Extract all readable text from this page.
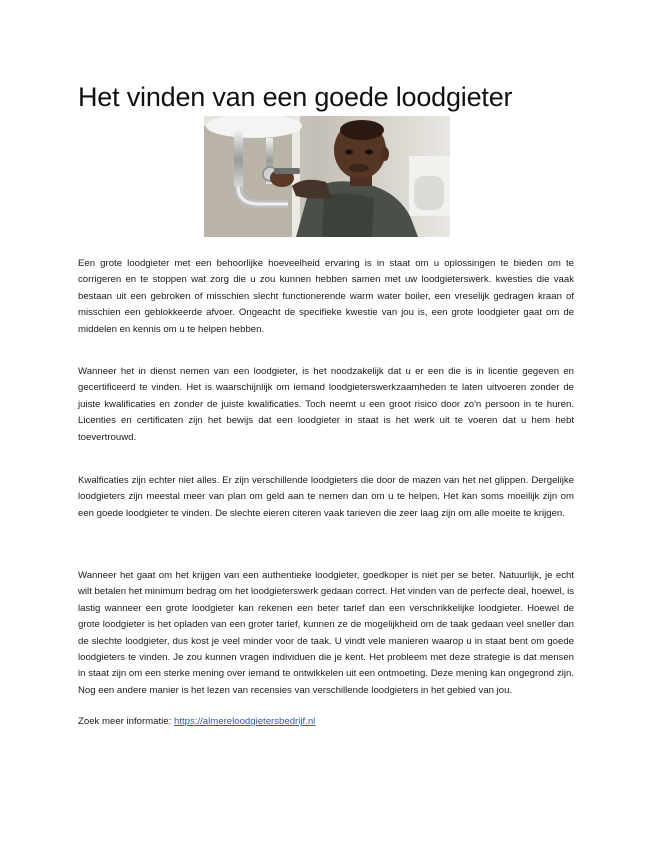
Het vinden van een goede loodgieter

Een grote loodgieter met een behoorlijke hoeveelheid ervaring is in staat om u oplossingen te bieden om te corrigeren en te stoppen wat zorg die u zou kunnen hebben samen met uw loodgieterswerk. kwesties die vaak bestaan uit een gebroken of misschien slecht functionerende warm water boiler, een vreselijk gedragen kraan of misschien een geblokkeerde afvoer. Ongeacht de specifieke kwestie van jou is, een grote loodgieter gaat om de middelen en kennis om u te helpen hebben.

Wanneer het in dienst nemen van een loodgieter, is het noodzakelijk dat u er een die is in licentie gegeven en gecertificeerd te vinden. Het is waarschijnlijk om iemand loodgieterswerkzaamheden te laten uitvoeren zonder de juiste kwalificaties en zonder de juiste kwalificaties. Toch neemt u een groot risico door zo'n persoon in te huren. Licenties en certificaten zijn het bewijs dat een loodgieter in staat is het werk uit te voeren dat u hem hebt toevertrouwd.

Kwalficaties zijn echter niet alles. Er zijn verschillende loodgieters die door de mazen van het net glippen. Dergelijke loodgieters zijn meestal meer van plan om geld aan te nemen dan om u te helpen. Het kan soms moeilijk zijn om een goede loodgieter te vinden. De slechte eieren citeren vaak tarieven die zeer laag zijn om alle moeite te krijgen.

Wanneer het gaat om het krijgen van een authentieke loodgieter, goedkoper is niet per se beter. Natuurlijk, je echt wilt betalen het minimum bedrag om het loodgieterswerk gedaan correct. Het vinden van de perfecte deal, hoewel, is lastig wanneer een grote loodgieter kan rekenen een beter tarief dan een verschrikkelijke loodgieter. Hoewel de grote loodgieter is het opladen van een groter tarief, kunnen ze de mogelijkheid om de taak gedaan veel sneller dan de slechte loodgieter, dus kost je veel minder voor de taak. U vindt vele manieren waarop u in staat bent om goede loodgieters te vinden. Je zou kunnen vragen individuen die je kent. Het probleem met deze strategie is dat mensen in staat zijn om een sterke mening over iemand te ontwikkelen uit een ontmoeting. Deze mening kan ongegrond zijn. Nog een andere manier is het lezen van recensies van verschillende loodgieters in het gebied van jou.

Zoek meer informatie: https://almereloodgietersbedrijf.nl
